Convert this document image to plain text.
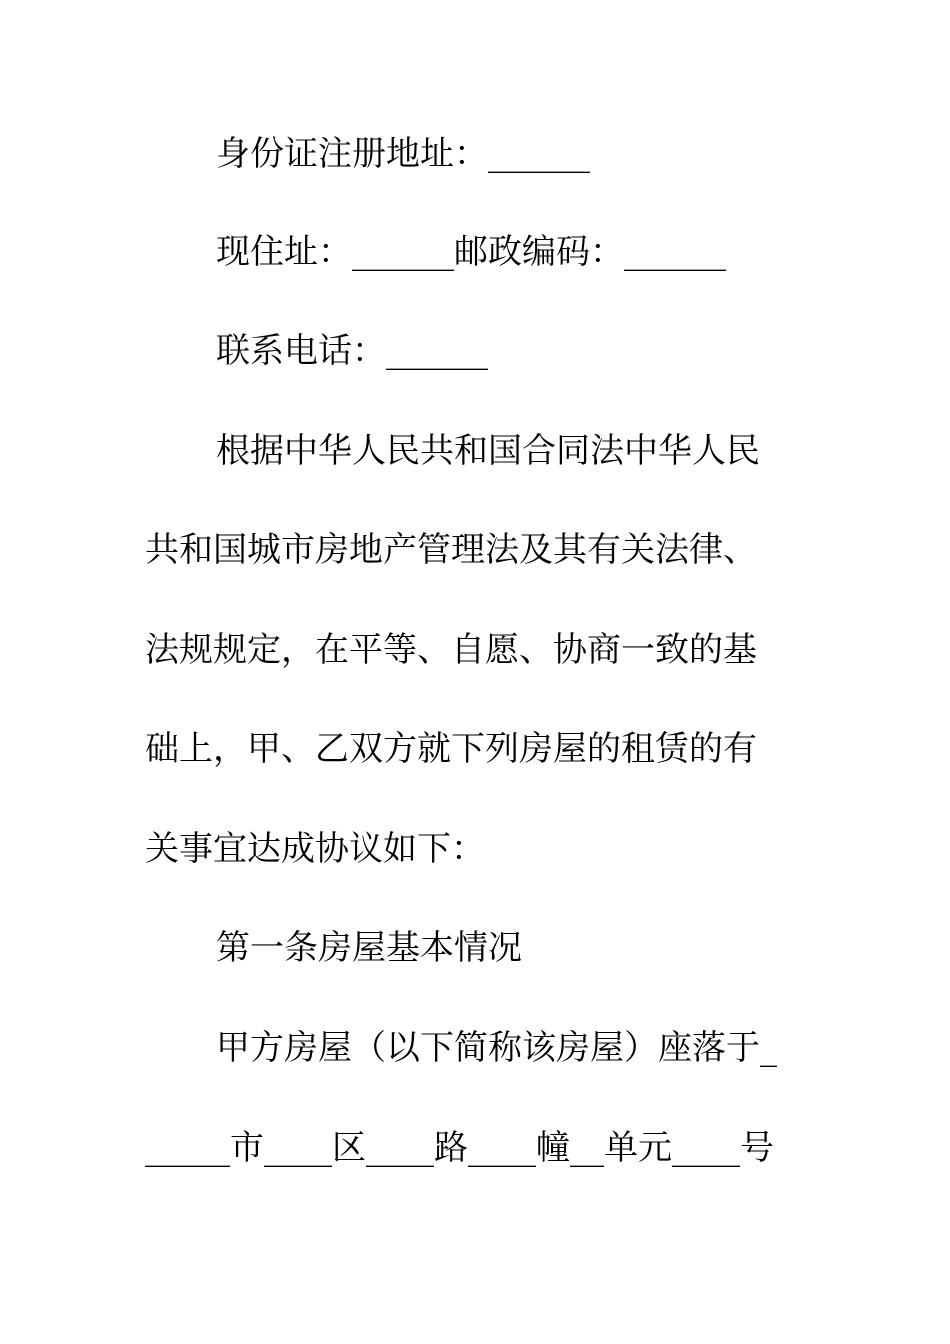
身份证注册地址：______
现住址：______邮政编码：______
联系电话：______
根据中华人民共和国合同法中华人民
共和国城市房地产管理法及其有关法律、
法规规定，在平等、自愿、协商一致的基
础上，甲、乙双方就下列房屋的租赁的有
关事宜达成协议如下：
第一条房屋基本情况
甲方房屋（以下简称该房屋）座落于_
_____市____区____路____幢__单元____号
